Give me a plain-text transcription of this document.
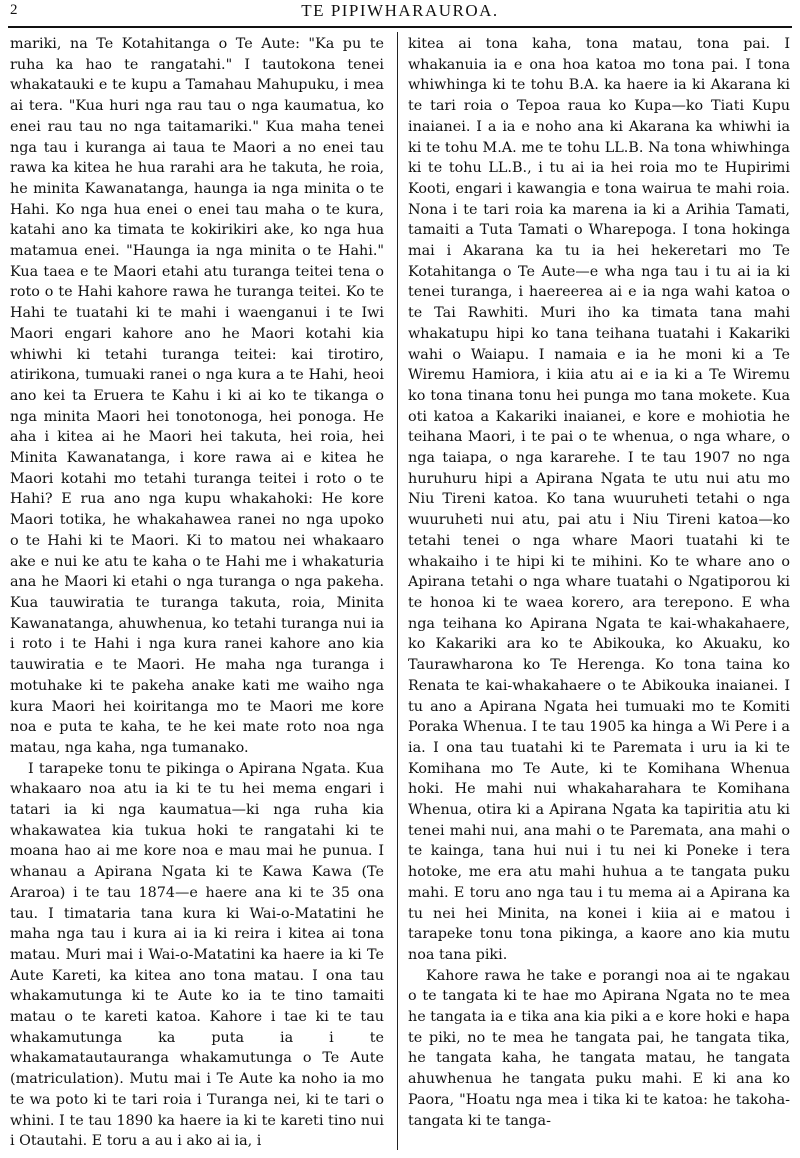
2	TE PIPIWHARAUROA.

mariki, na Te Kotahitanga o Te Aute: "Ka pu te ruha ka hao te rangatahi." I tautokona tenei whakatauki e te kupu a Tamahau Mahupuku, i mea ai tera. "Kua huri nga rau tau o nga kaumatua, ko enei rau tau no nga taitamariki." Kua maha tenei nga tau i kuranga ai taua te Maori a no enei tau rawa ka kitea he hua rarahi ara he takuta, he roia, he minita Kawanatanga, haunga ia nga minita o te Hahi. Ko nga hua enei o enei tau maha o te kura, katahi ano ka timata te kokirikiri ake, ko nga hua matamua enei. "Haunga ia nga minita o te Hahi." Kua taea e te Maori etahi atu turanga teitei tena o roto o te Hahi kahore rawa he turanga teitei. Ko te Hahi te tuatahi ki te mahi i waenganui i te Iwi Maori engari kahore ano he Maori kotahi kia whiwhi ki tetahi turanga teitei: kai tirotiro, atirikona, tumuaki ranei o nga kura a te Hahi, heoi ano kei ta Eruera te Kahu i ki ai ko te tikanga o nga minita Maori hei tonotonoga, hei ponoga. He aha i kitea ai he Maori hei takuta, hei roia, hei Minita Kawanatanga, i kore rawa ai e kitea he Maori kotahi mo tetahi turanga teitei i roto o te Hahi? E rua ano nga kupu whakahoki: He kore Maori totika, he whakahawea ranei no nga upoko o te Hahi ki te Maori. Ki to matou nei whakaaro ake e nui ke atu te kaha o te Hahi me i whakaturia ana he Maori ki etahi o nga turanga o nga pakeha. Kua tauwiratia te turanga takuta, roia, Minita Kawanatanga, ahuwhenua, ko tetahi turanga nui ia i roto i te Hahi i nga kura ranei kahore ano kia tauwiratia e te Maori. He maha nga turanga i motuhake ki te pakeha anake kati me waiho nga kura Maori hei koiritanga mo te Maori me kore noa e puta te kaha, te he kei mate roto noa nga matau, nga kaha, nga tumanako.

I tarapeke tonu te pikinga o Apirana Ngata. Kua whakaaro noa atu ia ki te tu hei mema engari i tatari ia ki nga kaumatua—ki nga ruha kia whakawatea kia tukua hoki te rangatahi ki te moana hao ai me kore noa e mau mai he punua. I whanau a Apirana Ngata ki te Kawa Kawa (Te Araroa) i te tau 1874—e haere ana ki te 35 ona tau. I timataria tana kura ki Wai-o-Matatini he maha nga tau i kura ai ia ki reira i kitea ai tona matau. Muri mai i Wai-o-Matatini ka haere ia ki Te Aute Kareti, ka kitea ano tona matau. I ona tau whakamutunga ki te Aute ko ia te tino tamaiti matau o te kareti katoa. Kahore i tae ki te tau whakamutunga ka puta ia i te whakamatautauranga whakamutunga o Te Aute (matriculation). Mutu mai i Te Aute ka noho ia mo te wa poto ki te tari roia i Turanga nei, ki te tari o whini. I te tau 1890 ka haere ia ki te kareti tino nui i Otautahi. E toru a au i ako ai ia, i

kitea ai tona kaha, tona matau, tona pai. I whakanuia ia e ona hoa katoa mo tona pai. I tona whiwhinga ki te tohu B.A. ka haere ia ki Akarana ki te tari roia o Tepoa raua ko Kupa—ko Tiati Kupu inaianei. I a ia e noho ana ki Akarana ka whiwhi ia ki te tohu M.A. me te tohu LL.B. Na tona whiwhinga ki te tohu LL.B., i tu ai ia hei roia mo te Hupirimi Kooti, engari i kawangia e tona wairua te mahi roia. Nona i te tari roia ka marena ia ki a Arihia Tamati, tamaiti a Tuta Tamati o Wharepoga. I tona hokinga mai i Akarana ka tu ia hei hekeretari mo Te Kotahitanga o Te Aute—e wha nga tau i tu ai ia ki tenei turanga, i haereerea ai e ia nga wahi katoa o te Tai Rawhiti. Muri iho ka timata tana mahi whakatupu hipi ko tana teihana tuatahi i Kakariki wahi o Waiapu. I namaia e ia he moni ki a Te Wiremu Hamiora, i kiia atu ai e ia ki a Te Wiremu ko tona tinana tonu hei punga mo tana mokete. Kua oti katoa a Kakariki inaianei, e kore e mohiotia he teihana Maori, i te pai o te whenua, o nga whare, o nga taiapa, o nga kararehe. I te tau 1907 no nga huruhuru hipi a Apirana Ngata te utu nui atu mo Niu Tireni katoa. Ko tana wuuruheti tetahi o nga wuuruheti nui atu, pai atu i Niu Tireni katoa—ko tetahi tenei o nga whare Maori tuatahi ki te whakaiho i te hipi ki te mihini. Ko te whare ano o Apirana tetahi o nga whare tuatahi o Ngatiporou ki te honoa ki te waea korero, ara terepono. E wha nga teihana ko Apirana Ngata te kai-whakahaere, ko Kakariki ara ko te Abikouka, ko Akuaku, ko Taurawharona ko Te Herenga. Ko tona taina ko Renata te kai-whakahaere o te Abikouka inaianei. I tu ano a Apirana Ngata hei tumuaki mo te Komiti Poraka Whenua. I te tau 1905 ka hinga a Wi Pere i a ia. I ona tau tuatahi ki te Paremata i uru ia ki te Komihana mo Te Aute, ki te Komihana Whenua hoki. He mahi nui whakaharahara te Komihana Whenua, otira ki a Apirana Ngata ka tapiritia atu ki tenei mahi nui, ana mahi o te Paremata, ana mahi o te kainga, tana hui nui i tu nei ki Poneke i tera hotoke, me era atu mahi huhua a te tangata puku mahi. E toru ano nga tau i tu mema ai a Apirana ka tu nei hei Minita, na konei i kiia ai e matou i tarapeke tonu tona pikinga, a kaore ano kia mutu noa tana piki.

Kahore rawa he take e porangi noa ai te ngakau o te tangata ki te hae mo Apirana Ngata no te mea he tangata ia e tika ana kia piki a e kore hoki e hapa te piki, no te mea he tangata pai, he tangata tika, he tangata kaha, he tangata matau, he tangata ahuwhenua he tangata puku mahi. E ki ana ko Paora, "Hoatu nga mea i tika ki te katoa: he takoha-tangata ki te tanga-
